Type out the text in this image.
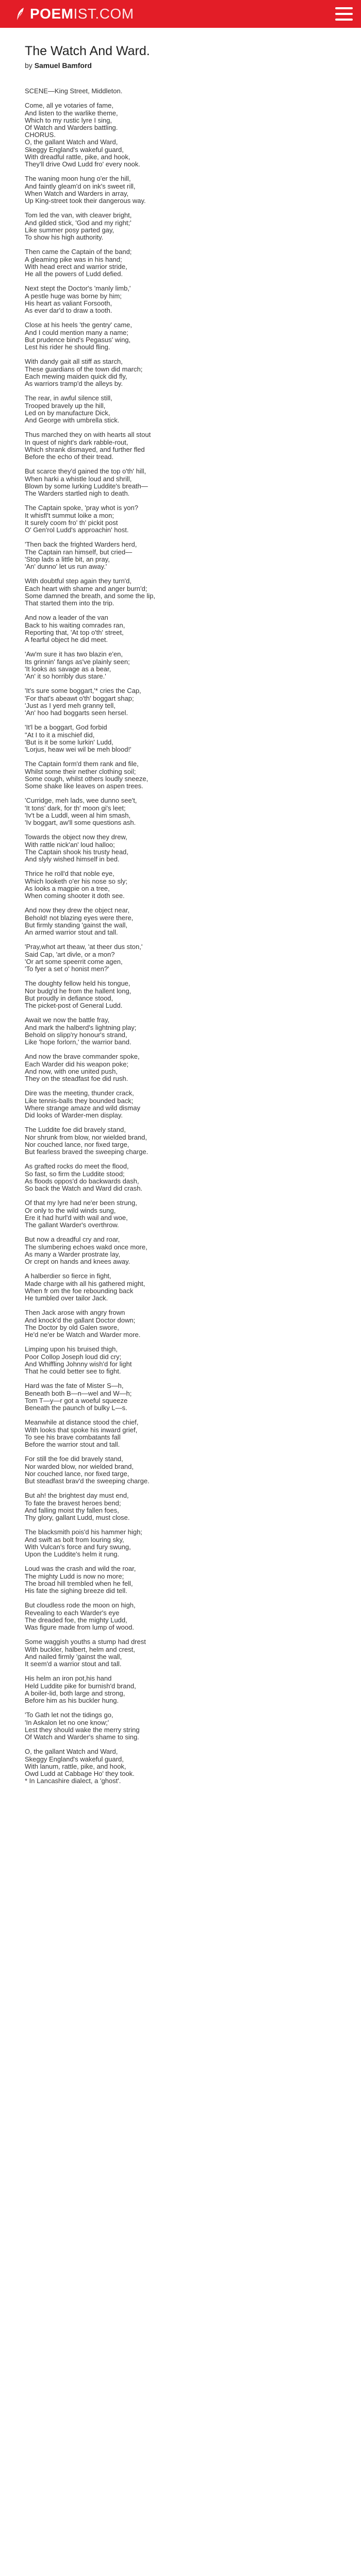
POEMIST.COM
The Watch And Ward.
by Samuel Bamford

SCENE—King Street, Middleton.

Come, all ye votaries of fame,
And listen to the warlike theme,
Which to my rustic lyre I sing,
Of Watch and Warders battling.
CHORUS.
O, the gallant Watch and Ward,
Skeggy England's wakeful guard,
With dreadful rattle, pike, and hook,
They'll drive Owd Ludd fro' every nook.

The waning moon hung o'er the hill,
And faintly gleam'd on ink's sweet rill,
When Watch and Warders in array,
Up King-street took their dangerous way.

Tom led the van, with cleaver bright,
And gilded stick, 'God and my right;'
Like summer posy parted gay,
To show his high authority.

Then came the Captain of the band;
A gleaming pike was in his hand;
With head erect and warrior stride,
He all the powers of Ludd defied.

Next stept the Doctor's 'manly limb,'
A pestle huge was borne by him;
His heart as valiant Forsooth,
As ever dar'd to draw a tooth.

Close at his heels 'the gentry' came,
And I could mention many a name;
But prudence bind's Pegasus' wing,
Lest his rider he should fling.

With dandy gait all stiff as starch,
These guardians of the town did march;
Each mewing maiden quick did fly,
As warriors tramp'd the alleys by.

The rear, in awful silence still,
Trooped bravely up the hill,
Led on by manufacture Dick,
And George with umbrella stick.

Thus marched they on with hearts all stout
In quest of night's dark rabble-rout,
Which shrank dismayed, and further fled
Before the echo of their tread.

But scarce they'd gained the top o'th' hill,
When harki a whistle loud and shrill,
Blown by some lurking Luddite's breath—
The Warders startled nigh to death.

The Captain spoke, 'pray whot is yon?
It whisfl't summut loike a mon;
It surely coom fro' th' pickit post
O' Gen'rol Ludd's approachin' host.

'Then back the frighted Warders herd,
The Captain ran himself, but cried—
'Stop lads a little bit, an pray,
'An' dunno' let us run away.'

With doubtful step again they turn'd,
Each heart with shame and anger burn'd;
Some damned the breath, and some the lip,
That started them into the trip.

And now a leader of the van
Back to his waiting comrades ran,
Reporting that, 'At top o'th' street,
A fearful object he did meet.

'Aw'm sure it has two blazin e'en,
Its grinnin' fangs as've plainly seen;
'It looks as savage as a bear,
'An' it so horribly dus stare.'

'It's sure some boggart,'* cries the Cap,
'For that's abeawt o'th' boggart shap;
'Just as I yerd meh granny tell,
'An' hoo had boggarts seen hersel.

'It'l be a boggart, God forbid
"At I to it a mischief did,
'But is it be some lurkin' Ludd,
'Lorjus, heaw wei wil be meh blood!'

The Captain form'd them rank and file,
Whilst some their nether clothing soil;
Some cough, whilst others loudly sneeze,
Some shake like leaves on aspen trees.

'Curridge, meh lads, wee dunno see't,
'It tons' dark, for th' moon gi's leet;
'Iv't be a Luddl, ween al him smash,
'Iv boggart, aw'll some questions ash.

Towards the object now they drew,
With rattle nick'an' loud halloo;
The Captain shook his trusty head,
And slyly wished himself in bed.

Thrice he roll'd that noble eye,
Which looketh o'er his nose so sly;
As looks a magpie on a tree,
When coming shooter it doth see.

And now they drew the object near,
Behold! not blazing eyes were there,
But firmly standing 'gainst the wall,
An armed warrior stout and tall.

'Pray,whot art theaw, 'at theer dus ston,'
Said Cap, 'art divle, or a mon?
'Or art some speerrit come agen,
'To fyer a set o' honist men?'

The doughty fellow held his tongue,
Nor budg'd he from the hallent long,
But proudly in defiance stood,
The picket-post of General Ludd.

Await we now the battle fray,
And mark the halberd's lightning play;
Behold on slipp'ry honour's strand,
Like 'hope forlorn,' the warrior band.

And now the brave commander spoke,
Each Warder did his weapon poke;
And now, with one united push,
They on the steadfast foe did rush.

Dire was the meeting, thunder crack,
Like tennis-balls they bounded back;
Where strange amaze and wild dismay
Did looks of Warder-men display.

The Luddite foe did bravely stand,
Nor shrunk from blow, nor wielded brand,
Nor couched lance, nor fixed targe,
But fearless braved the sweeping charge.

As grafted rocks do meet the flood,
So fast, so firm the Luddite stood;
As floods oppos'd do backwards dash,
So back the Watch and Ward did crash.

Of that my lyre had ne'er been strung,
Or only to the wild winds sung,
Ere it had hurl'd with wail and woe,
The gallant Warder's overthrow.

But now a dreadful cry and roar,
The slumbering echoes wakd once more,
As many a Warder prostrate lay,
Or crept on hands and knees away.

A halberdier so fierce in fight,
Made charge with all his gathered might,
When fr om the foe rebounding back
He tumbled over tailor Jack.

Then Jack arose with angry frown
And knock'd the gallant Doctor down;
The Doctor by old Galen swore,
He'd ne'er be Watch and Warder more.

Limping upon his bruised thigh,
Poor Collop Joseph loud did cry;
And Whiffling Johnny wish'd for light
That he could better see to fight.

Hard was the fate of Mister S—h,
Beneath both B—n—wel and W—h;
Tom T—y—r got a woeful squeeze
Beneath the paunch of bulky L—s.

Meanwhile at distance stood the chief,
With looks that spoke his inward grief,
To see his brave combatants fall
Before the warrior stout and tall.

For still the foe did bravely stand,
Nor warded blow, nor wielded brand,
Nor couched lance, nor fixed targe,
But steadfast brav'd the sweeping charge.

But ah! the brightest day must end,
To fate the bravest heroes bend;
And falling moist thy fallen foes,
Thy glory, gallant Ludd, must close.

The blacksmith pois'd his hammer high;
And swift as bolt from louring sky,
With Vulcan's force and fury swung,
Upon the Luddite's helm it rung.

Loud was the crash and wild the roar,
The mighty Ludd is now no more;
The broad hill trembled when he fell,
His fate the sighing breeze did tell.

But cloudless rode the moon on high,
Revealing to each Warder's eye
The dreaded foe, the mighty Ludd,
Was figure made from lump of wood.

Some waggish youths a stump had drest
With buckler, halbert, helm and crest,
And nailed firmly 'gainst the wall,
It seem'd a warrior stout and tall.

His helm an iron pot,his hand
Held Luddite pike for burnish'd brand,
A boiler-lid, both large and strong,
Before him as his buckler hung.

'To Gath let not the tidings go,
'In Askalon let no one know;'
Lest they should wake the merry string
Of Watch and Warder's shame to sing.

O, the gallant Watch and Ward,
Skeggy England's wakeful guard,
With lanum, rattle, pike, and hook,
Owd Ludd at Cabbage Ho' they took.
* In Lancashire dialect, a 'ghost'.
